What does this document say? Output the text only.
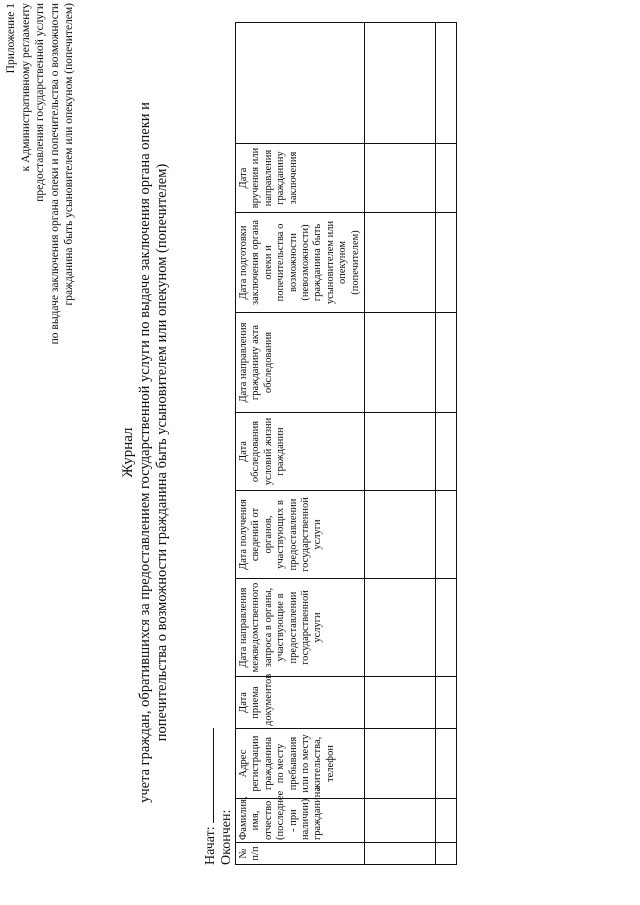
Приложение 1 к Административному регламенту предоставления государственной услуги по выдаче заключения органа опеки и попечительства о возможности гражданина быть усыновителем или опекуном (попечителем)
Журнал учета граждан, обратившихся за предоставлением государственной услуги по выдаче заключения органа опеки и попечительства о возможности гражданина быть усыновителем или опекуном (попечителем)
Начат: Окончен: № п/п	Фамилия, имя, отчество (последнее - при наличии) гражданина	Адрес регистрации гражданина по месту пребывания или по месту жительства, телефон	Дата приема документов	Дата направления межведомственного запроса в органы, участвующие в предоставлении государственной услуги	Дата получения сведений от органов, участвующих в предоставлении государственной услуги	Дата обследования условий жизни гражданин	Дата направления гражданину акта обследования	Дата подготовки заключения органа опеки и попечительства о возможности (невозможности) гражданина быть усыновителем или опекуном (попечителем)	Дата вручения или направления гражданину заключения	
